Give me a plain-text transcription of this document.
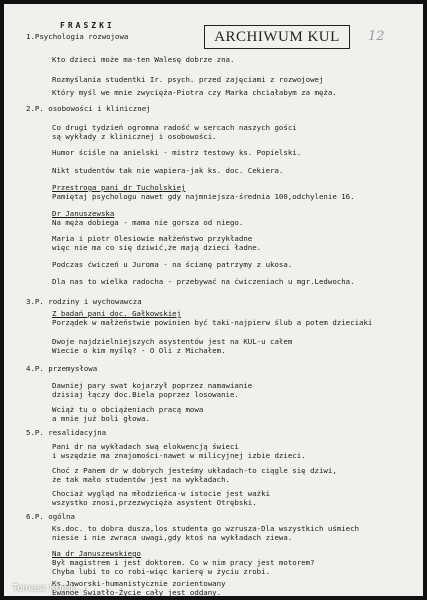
FRASZKI
ARCHIWUM KUL	12
1.Psychologia rozwojowa
Kto dzieci może ma-ten Walesę dobrze zna.
Rozmyślania studentki Ir. psych. przed zajęciami z rozwojowej
Który myśl we mnie zwycięża-Piotra czy Marka chciałabym za męża.
2.P. osobowości i klinicznej
Co drugi tydzień ogromna radość w sercach naszych gości
są wykłady z klinicznej i osobowości.
Humor ściśle na anielski - mistrz testowy ks. Popielski.
Nikt studentów tak nie wapiera-jak ks. doc. Cekiera.
Przestroga pani dr Tucholskiej
Pamiętaj psychologu nawet gdy najmniejsza-średnia 100,odchylenie 16.
Dr Januszewska
Na męża dobiega - mama nie gorsza od niego.
Maria i piotr Olesiowie małżeństwo przykładne
więc nie ma co się dziwić,że mają dzieci ładne.
Podczas ćwiczeń u Juroma - na ścianę patrzymy z ukosa.
Dla nas to wielka radocha - przebywać na ćwiczeniach u mgr.Ledwocha.
3.P. rodziny i wychowawcza
Z badań pani doc. Gałkowskiej
Porządek w małżeństwie powinien być taki-najpierw ślub a potem dzieciaki
Dwoje najdzielniejszych asystentów jest na KUL-u całem
Wiecie o kim myślę? - O Oli z Michałem.
4.P. przemysłowa
Dawniej pary swat kojarzył poprzez namawianie
dzisiaj łączy doc.Biela poprzez losowanie.
Wciąż tu o obciążeniach pracą mowa
a mnie już boli głowa.
5.P. resalidacyjna
Pani dr na wykładach swą elokwencją świeci
i wszędzie ma znajomości-nawet w milicyjnej izbie dzieci.
Choć z Panem dr w dobrych jesteśmy układach-to ciągle się dziwi,
że tak mało studentów jest na wykładach.
Chociaż wygląd na młodzieńca-w istocie jest ważki
wszystko znosi,przezwycięża asystent Otrębski.
6.P. ogólna
Ks.doc. to dobra dusza,los studenta go wzrusza-Dla wszystkich uśmiech
niesie i nie zwraca uwagi,gdy ktoś na wykładach ziewa.
Na dr Januszewskiego
Był magistrem i jest doktorem. Co w nim pracy jest motorem?
Chyba lubi to co robi-więc karierę w życiu zrobi.
Ks.Jaworski-humanistycznie zorientowany
Ewanoe Światło-Życie cały jest oddany.
Tomasz Koruk...
